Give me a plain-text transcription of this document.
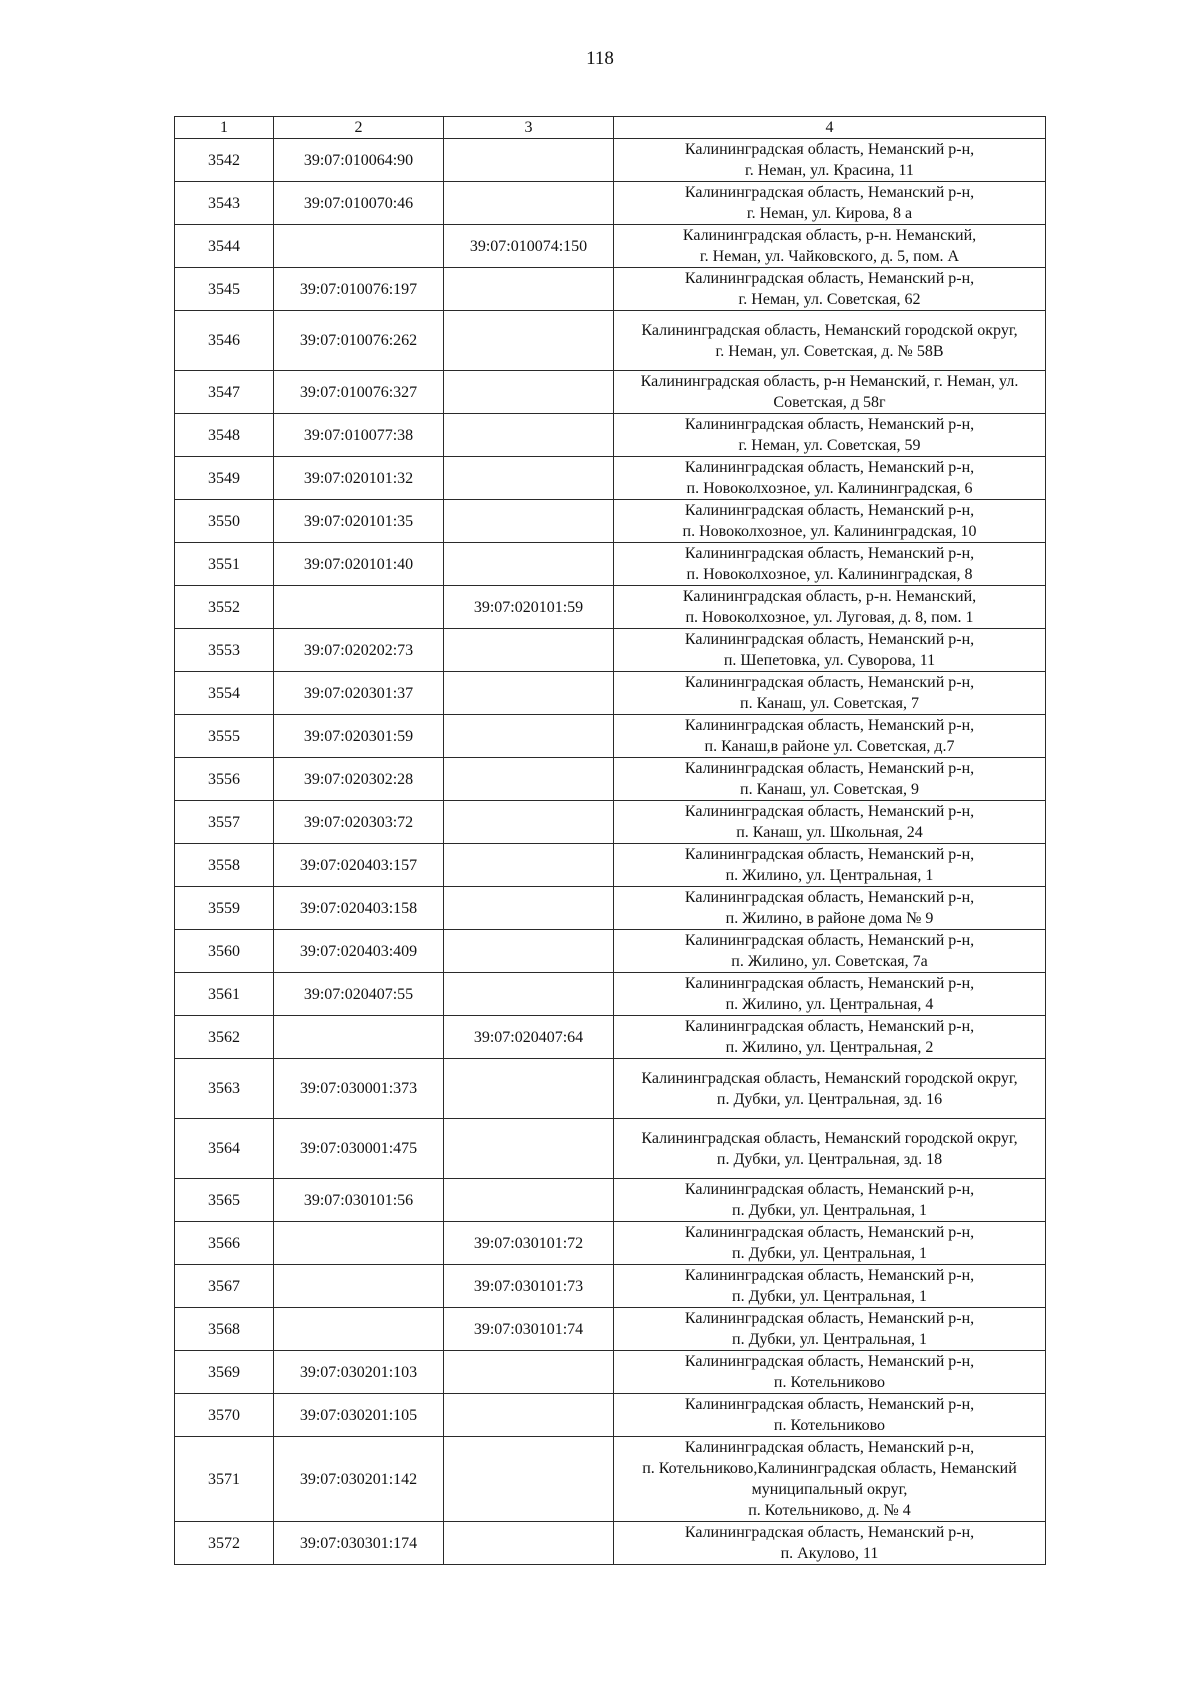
118
1	2	3	4
3542	39:07:010064:90		Калининградская область, Неманский р-н,
г. Неман, ул. Красина, 11
3543	39:07:010070:46		Калининградская область, Неманский р-н,
г. Неман, ул. Кирова, 8 а
3544		39:07:010074:150	Калининградская область, р-н. Неманский,
г. Неман, ул. Чайковского, д. 5, пом. А
3545	39:07:010076:197		Калининградская область, Неманский р-н,
г. Неман, ул. Советская, 62
3546	39:07:010076:262		Калининградская область, Неманский городской округ,
г. Неман, ул. Советская, д. № 58В
3547	39:07:010076:327		Калининградская область, р-н Неманский, г. Неман, ул.
Советская, д 58г
3548	39:07:010077:38		Калининградская область, Неманский р-н,
г. Неман, ул. Советская, 59
3549	39:07:020101:32		Калининградская область, Неманский р-н,
п. Новоколхозное, ул. Калининградская, 6
3550	39:07:020101:35		Калининградская область, Неманский р-н,
п. Новоколхозное, ул. Калининградская, 10
3551	39:07:020101:40		Калининградская область, Неманский р-н,
п. Новоколхозное, ул. Калининградская, 8
3552		39:07:020101:59	Калининградская область, р-н. Неманский,
п. Новоколхозное, ул. Луговая, д. 8, пом. 1
3553	39:07:020202:73		Калининградская область, Неманский р-н,
п. Шепетовка, ул. Суворова, 11
3554	39:07:020301:37		Калининградская область, Неманский р-н,
п. Канаш, ул. Советская, 7
3555	39:07:020301:59		Калининградская область, Неманский р-н,
п. Канаш,в районе ул. Советская, д.7
3556	39:07:020302:28		Калининградская область, Неманский р-н,
п. Канаш, ул. Советская, 9
3557	39:07:020303:72		Калининградская область, Неманский р-н,
п. Канаш, ул. Школьная, 24
3558	39:07:020403:157		Калининградская область, Неманский р-н,
п. Жилино, ул. Центральная, 1
3559	39:07:020403:158		Калининградская область, Неманский р-н,
п. Жилино, в районе дома № 9
3560	39:07:020403:409		Калининградская область, Неманский р-н,
п. Жилино, ул. Советская, 7а
3561	39:07:020407:55		Калининградская область, Неманский р-н,
п. Жилино, ул. Центральная, 4
3562		39:07:020407:64	Калининградская область, Неманский р-н,
п. Жилино, ул. Центральная, 2
3563	39:07:030001:373		Калининградская область, Неманский городской округ,
п. Дубки, ул. Центральная, зд. 16
3564	39:07:030001:475		Калининградская область, Неманский городской округ,
п. Дубки, ул. Центральная, зд. 18
3565	39:07:030101:56		Калининградская область, Неманский р-н,
п. Дубки, ул. Центральная, 1
3566		39:07:030101:72	Калининградская область, Неманский р-н,
п. Дубки, ул. Центральная, 1
3567		39:07:030101:73	Калининградская область, Неманский р-н,
п. Дубки, ул. Центральная, 1
3568		39:07:030101:74	Калининградская область, Неманский р-н,
п. Дубки, ул. Центральная, 1
3569	39:07:030201:103		Калининградская область, Неманский р-н,
п. Котельниково
3570	39:07:030201:105		Калининградская область, Неманский р-н,
п. Котельниково
3571	39:07:030201:142		Калининградская область, Неманский р-н,
п. Котельниково,Калининградская область, Неманский
муниципальный округ,
п. Котельниково, д. № 4
3572	39:07:030301:174		Калининградская область, Неманский р-н,
п. Акулово, 11
